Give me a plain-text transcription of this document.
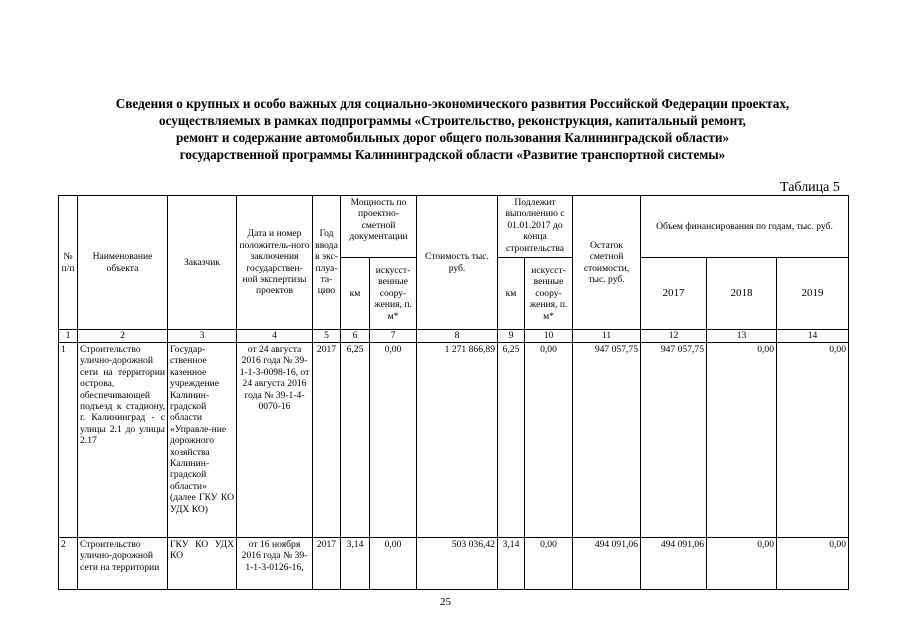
Сведения о крупных и особо важных для социально-экономического развития Российской Федерации проектах,
осуществляемых в рамках подпрограммы «Строительство, реконструкция, капитальный ремонт,
ремонт и содержание автомобильных дорог общего пользования Калининградской области»
государственной программы Калининградской области «Развитие транспортной системы»
Таблица 5
№ п/п	Наименование объекта	Заказчик	Дата и номер положитель-ного заключения государствен-ной экспертизы проектов	Год ввода в экс-плуа-та-цию	Мощность по проектно-сметной документации		Стоимость тыс. руб.	Подлежит выполнению с 01.01.2017 до конца строительства		Остаток сметной стоимости, тыс. руб.	Объем финансирования по годам, тыс. руб.		
					км	искусст-венные соору-жения, п. м*		км	искусст-венные соору-жения, п. м*		2017	2018	2019
1	2	3	4	5	6	7	8	9	10	11	12	13	14
1	Строительство улично-дорожной сети на территории острова, обеспечивающей подъезд к стадиону, г. Калининград - с улицы 2.1 до улицы 2.17	Государ-ственное казенное учреждение Калинин-градской области «Управле-ние дорожного хозяйства Калинин-градской области» (далее ГКУ КО УДХ КО)	от 24 августа 2016 года № 39-1-1-3-0098-16, от 24 августа 2016 года № 39-1-4-0070-16	2017	6,25	0,00	1 271 866,89	6,25	0,00	947 057,75	947 057,75	0,00	0,00
2	Строительство улично-дорожной сети на территории	ГКУ КО УДХ КО	от 16 ноября 2016 года № 39-1-1-3-0126-16,	2017	3,14	0,00	503 036,42	3,14	0,00	494 091,06	494 091,06	0,00	0,00
25
